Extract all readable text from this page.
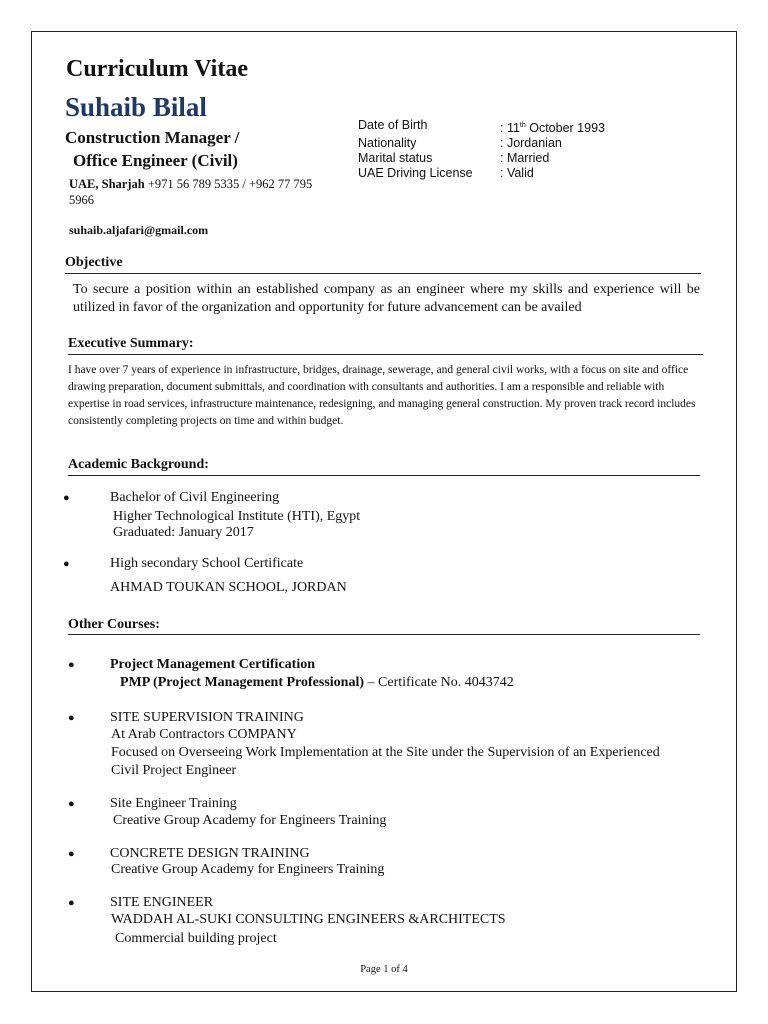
Curriculum Vitae
Suhaib Bilal
Construction Manager /
Office Engineer (Civil)
UAE, Sharjah +971 56 789 5335 / +962 77 795 5966
suhaib.aljafari@gmail.com
Date of Birth	: 11th October 1993
Nationality	: Jordanian
Marital status	: Married
UAE Driving License	: Valid
Objective
To secure a position within an established company as an engineer where my skills and experience will be utilized in favor of the organization and opportunity for future advancement can be availed
Executive Summary:
I have over 7 years of experience in infrastructure, bridges, drainage, sewerage, and general civil works, with a focus on site and office drawing preparation, document submittals, and coordination with consultants and authorities. I am a responsible and reliable with expertise in road services, infrastructure maintenance, redesigning, and managing general construction. My proven track record includes consistently completing projects on time and within budget.
Academic Background:
●	Bachelor of Civil Engineering
Higher Technological Institute (HTI), Egypt
Graduated: January 2017
●	High secondary School Certificate
AHMAD TOUKAN SCHOOL, JORDAN
Other Courses:
●	Project Management Certification
PMP (Project Management Professional) – Certificate No. 4043742
●	SITE SUPERVISION TRAINING
At Arab Contractors COMPANY
Focused on Overseeing Work Implementation at the Site under the Supervision of an Experienced
Civil Project Engineer
●	Site Engineer Training
Creative Group Academy for Engineers Training
●	CONCRETE DESIGN TRAINING
Creative Group Academy for Engineers Training
●	SITE ENGINEER
WADDAH AL-SUKI CONSULTING ENGINEERS &ARCHITECTS
Commercial building project
Page 1 of 4
